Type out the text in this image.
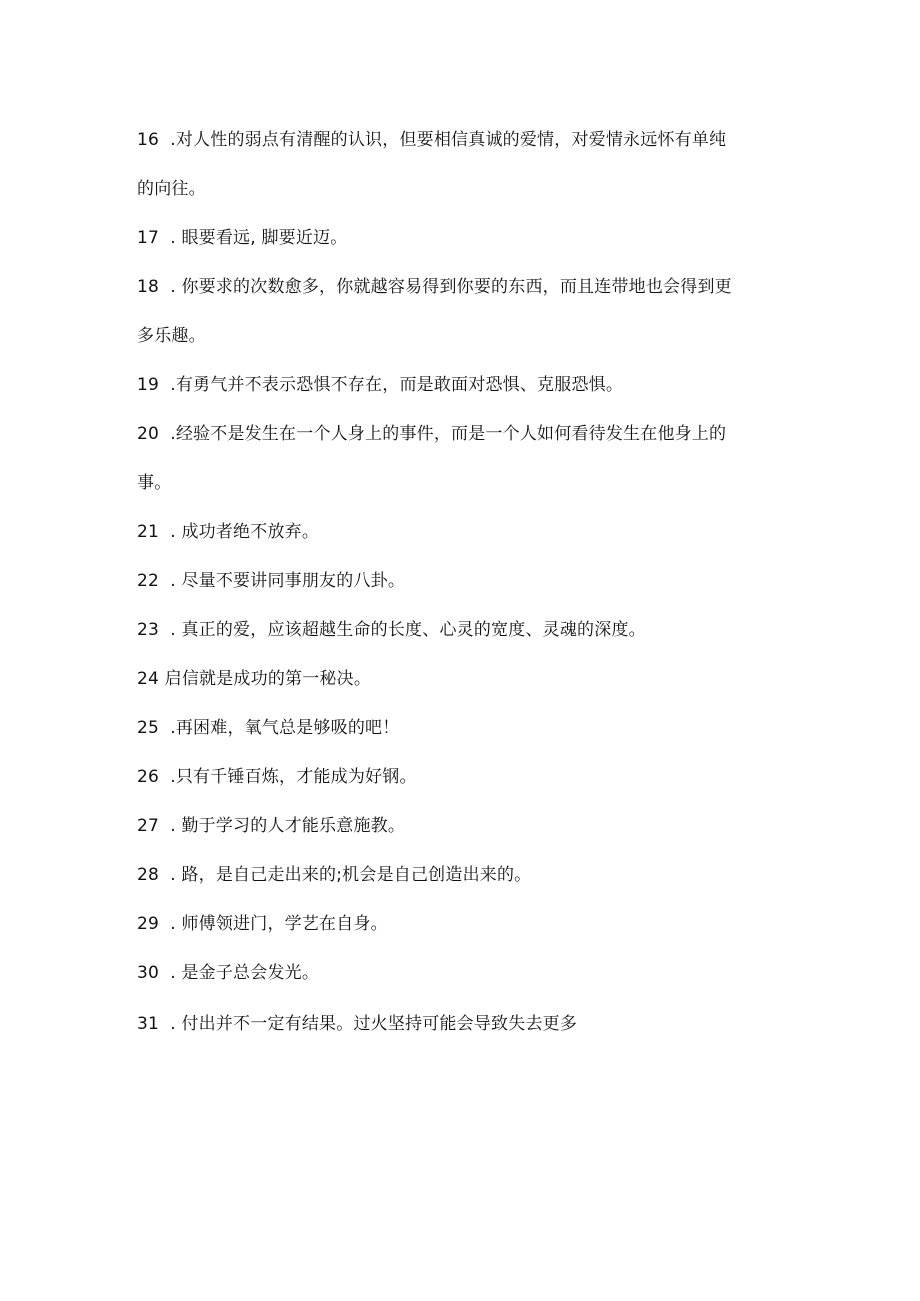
16  .对人性的弱点有清醒的认识，但要相信真诚的爱情，对爱情永远怀有单纯
的向往。
17  . 眼要看远, 脚要近迈。
18  . 你要求的次数愈多，你就越容易得到你要的东西，而且连带地也会得到更
多乐趣。
19  .有勇气并不表示恐惧不存在，而是敢面对恐惧、克服恐惧。
20  .经验不是发生在一个人身上的事件，而是一个人如何看待发生在他身上的
事。
21  . 成功者绝不放弃。
22  . 尽量不要讲同事朋友的八卦。
23  . 真正的爱，应该超越生命的长度、心灵的宽度、灵魂的深度。
24 启信就是成功的第一秘决。
25  .再困难，氧气总是够吸的吧！
26  .只有千锤百炼，才能成为好钢。
27  . 勤于学习的人才能乐意施教。
28  . 路，是自己走出来的;机会是自己创造出来的。
29  . 师傅领进门，学艺在自身。
30  . 是金子总会发光。
31  . 付出并不一定有结果。过火坚持可能会导致失去更多
